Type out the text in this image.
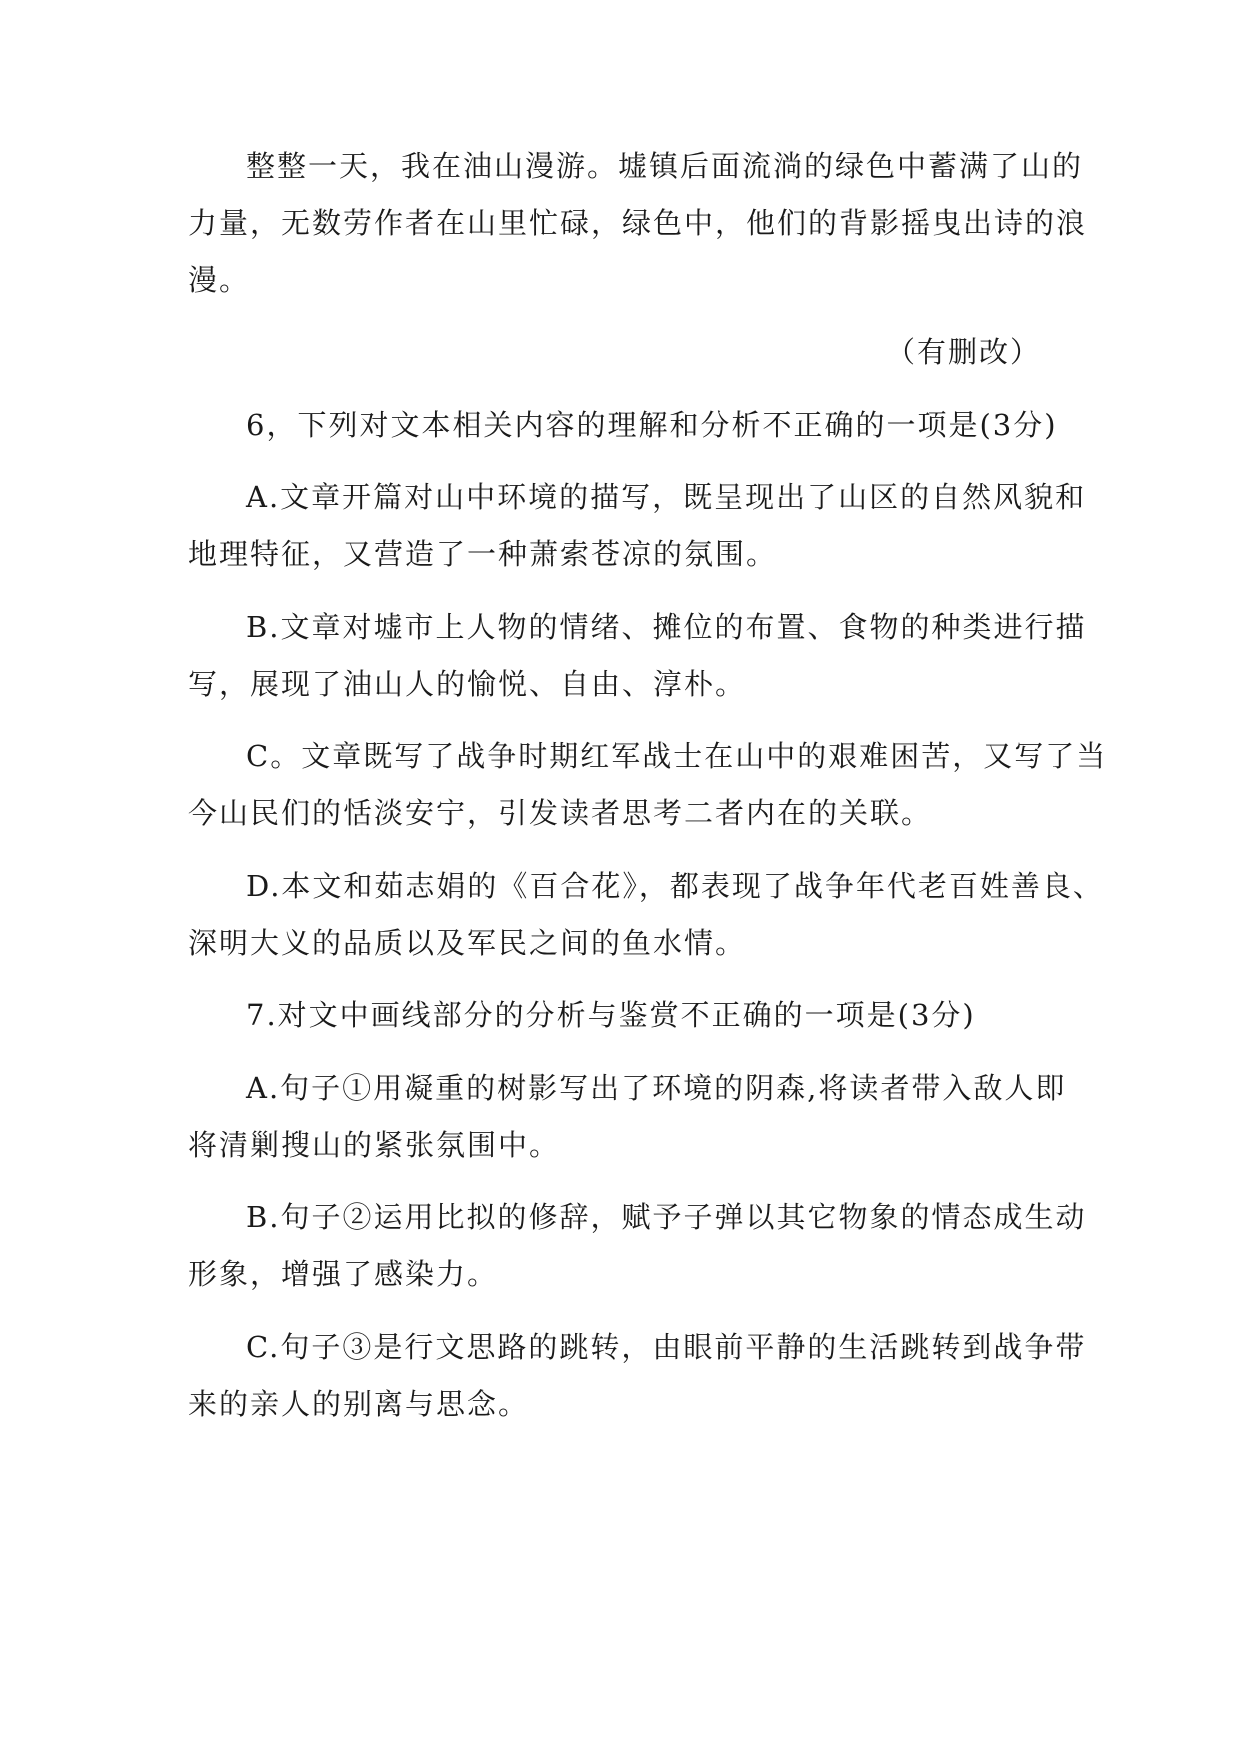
整整一天，我在油山漫游。墟镇后面流淌的绿色中蓄满了山的
力量，无数劳作者在山里忙碌，绿色中，他们的背影摇曳出诗的浪
漫。
（有删改）
6，下列对文本相关内容的理解和分析不正确的一项是(3分)
A.文章开篇对山中环境的描写，既呈现出了山区的自然风貌和
地理特征，又营造了一种萧索苍凉的氛围。
B.文章对墟市上人物的情绪、摊位的布置、食物的种类进行描
写，展现了油山人的愉悦、自由、淳朴。
C。文章既写了战争时期红军战士在山中的艰难困苦，又写了当
今山民们的恬淡安宁，引发读者思考二者内在的关联。
D.本文和茹志娟的《百合花》，都表现了战争年代老百姓善良、
深明大义的品质以及军民之间的鱼水情。
7.对文中画线部分的分析与鉴赏不正确的一项是(3分)
A.句子①用凝重的树影写出了环境的阴森,将读者带入敌人即
将清剿搜山的紧张氛围中。
B.句子②运用比拟的修辞，赋予子弹以其它物象的情态成生动
形象，增强了感染力。
C.句子③是行文思路的跳转，由眼前平静的生活跳转到战争带
来的亲人的别离与思念。
